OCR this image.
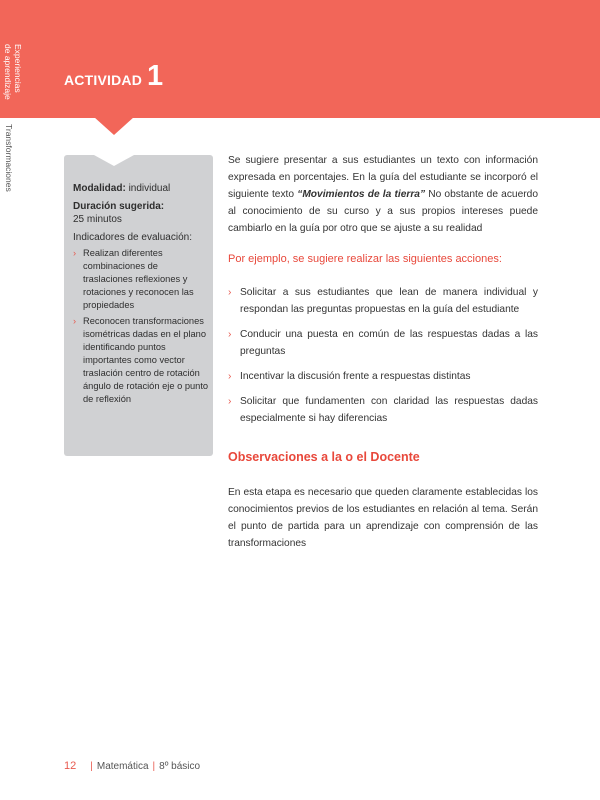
Experiencias
de aprendizaje
Transformaciones
ACTIVIDAD 1
Modalidad: individual
Duración sugerida:
25 minutos
Indicadores de evaluación:
› Realizan diferentes combinaciones de traslaciones reflexiones y rotaciones y reconocen las propiedades
› Reconocen transformaciones isométricas dadas en el plano identificando puntos importantes como vector traslación centro de rotación ángulo de rotación eje o punto de reflexión

Se sugiere presentar a sus estudiantes un texto con información expresada en porcentajes. En la guía del estudiante se incorporó el siguiente texto “Movimientos de la tierra” No obstante de acuerdo al conocimiento de su curso y a sus propios intereses puede cambiarlo en la guía por otro que se ajuste a su realidad

Por ejemplo, se sugiere realizar las siguientes acciones:
› Solicitar a sus estudiantes que lean de manera individual y respondan las preguntas propuestas en la guía del estudiante
› Conducir una puesta en común de las respuestas dadas a las preguntas
› Incentivar la discusión frente a respuestas distintas
› Solicitar que fundamenten con claridad las respuestas dadas especialmente si hay diferencias
Observaciones a la o el Docente

En esta etapa es necesario que queden claramente establecidas los conocimientos previos de los estudiantes en relación al tema. Serán el punto de partida para un aprendizaje con comprensión de las transformaciones

12 | Matemática | 8º básico
